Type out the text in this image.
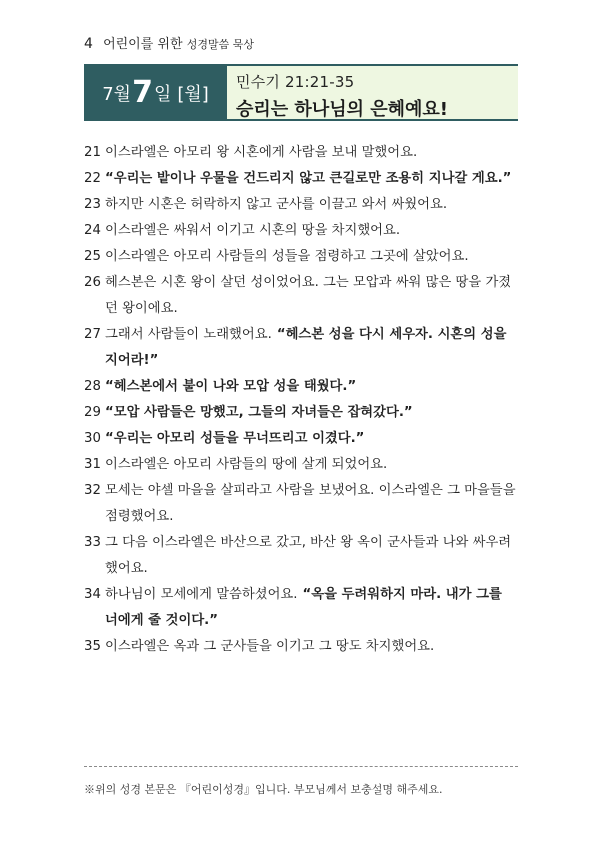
4 어린이를 위한 성경말씀 묵상
7월 7 일 [월]
민수기 21:21-35
승리는 하나님의 은혜예요!
21 이스라엘은 아모리 왕 시혼에게 사람을 보내 말했어요.
22 “우리는 밭이나 우물을 건드리지 않고 큰길로만 조용히 지나갈 게요.”
23 하지만 시혼은 허락하지 않고 군사를 이끌고 와서 싸웠어요.
24 이스라엘은 싸워서 이기고 시혼의 땅을 차지했어요.
25 이스라엘은 아모리 사람들의 성들을 점령하고 그곳에 살았어요.
26 헤스본은 시혼 왕이 살던 성이었어요. 그는 모압과 싸워 많은 땅을 가졌던 왕이에요.
27 그래서 사람들이 노래했어요. “헤스본 성을 다시 세우자. 시혼의 성을 지어라!”
28 “헤스본에서 불이 나와 모압 성을 태웠다.”
29 “모압 사람들은 망했고, 그들의 자녀들은 잡혀갔다.”
30 “우리는 아모리 성들을 무너뜨리고 이겼다.”
31 이스라엘은 아모리 사람들의 땅에 살게 되었어요.
32 모세는 야셀 마을을 살피라고 사람을 보냈어요. 이스라엘은 그 마을들을 점령했어요.
33 그 다음 이스라엘은 바산으로 갔고, 바산 왕 옥이 군사들과 나와 싸우려 했어요.
34 하나님이 모세에게 말씀하셨어요. “옥을 두려워하지 마라. 내가 그를 너에게 줄 것이다.”
35 이스라엘은 옥과 그 군사들을 이기고 그 땅도 차지했어요.
※위의 성경 본문은 『어린이성경』입니다. 부모님께서 보충설명 해주세요.
